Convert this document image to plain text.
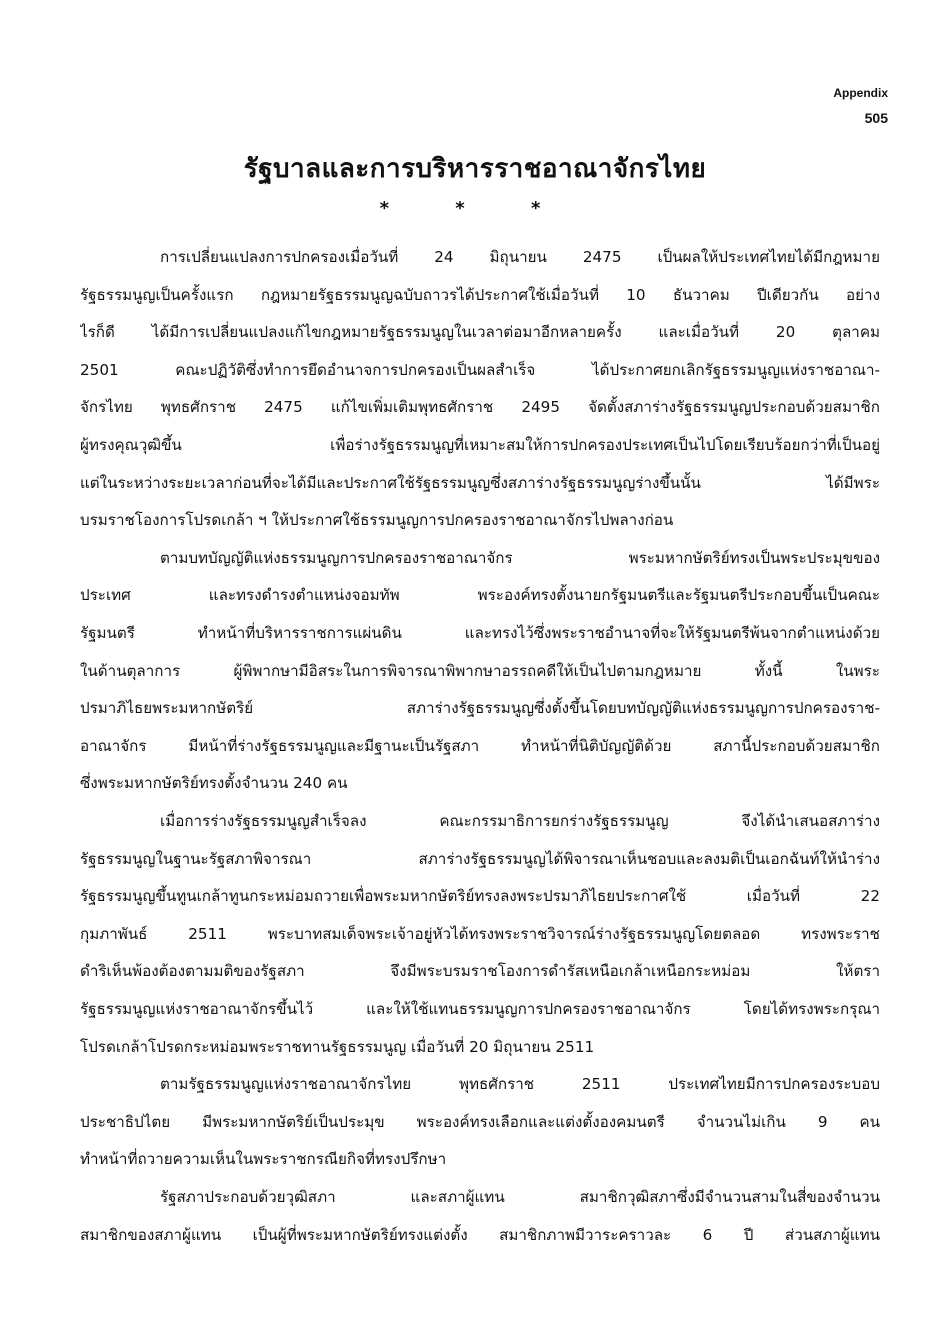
Appendix
505
รัฐบาลและการบริหารราชอาณาจักรไทย
* * *
การเปลี่ยนแปลงการปกครองเมื่อวันที่ 24 มิถุนายน 2475 เป็นผลให้ประเทศไทยได้มีกฎหมาย
รัฐธรรมนูญเป็นครั้งแรก กฎหมายรัฐธรรมนูญฉบับถาวรได้ประกาศใช้เมื่อวันที่ 10 ธันวาคม ปีเดียวกัน อย่าง
ไรก็ดี ได้มีการเปลี่ยนแปลงแก้ไขกฎหมายรัฐธรรมนูญในเวลาต่อมาอีกหลายครั้ง และเมื่อวันที่ 20 ตุลาคม
2501 คณะปฏิวัติซึ่งทำการยึดอำนาจการปกครองเป็นผลสำเร็จ ได้ประกาศยกเลิกรัฐธรรมนูญแห่งราชอาณา-
จักรไทย พุทธศักราช 2475 แก้ไขเพิ่มเติมพุทธศักราช 2495 จัดตั้งสภาร่างรัฐธรรมนูญประกอบด้วยสมาชิก
ผู้ทรงคุณวุฒิขึ้น เพื่อร่างรัฐธรรมนูญที่เหมาะสมให้การปกครองประเทศเป็นไปโดยเรียบร้อยกว่าที่เป็นอยู่
แต่ในระหว่างระยะเวลาก่อนที่จะได้มีและประกาศใช้รัฐธรรมนูญซึ่งสภาร่างรัฐธรรมนูญร่างขึ้นนั้น ได้มีพระ
บรมราชโองการโปรดเกล้า ฯ ให้ประกาศใช้ธรรมนูญการปกครองราชอาณาจักรไปพลางก่อน
ตามบทบัญญัติแห่งธรรมนูญการปกครองราชอาณาจักร พระมหากษัตริย์ทรงเป็นพระประมุขของ
ประเทศ และทรงดำรงตำแหน่งจอมทัพ พระองค์ทรงตั้งนายกรัฐมนตรีและรัฐมนตรีประกอบขึ้นเป็นคณะ
รัฐมนตรี ทำหน้าที่บริหารราชการแผ่นดิน และทรงไว้ซึ่งพระราชอำนาจที่จะให้รัฐมนตรีพ้นจากตำแหน่งด้วย
ในด้านตุลาการ ผู้พิพากษามีอิสระในการพิจารณาพิพากษาอรรถคดีให้เป็นไปตามกฎหมาย ทั้งนี้ ในพระ
ปรมาภิไธยพระมหากษัตริย์ สภาร่างรัฐธรรมนูญซึ่งตั้งขึ้นโดยบทบัญญัติแห่งธรรมนูญการปกครองราช-
อาณาจักร มีหน้าที่ร่างรัฐธรรมนูญและมีฐานะเป็นรัฐสภา ทำหน้าที่นิติบัญญัติด้วย สภานี้ประกอบด้วยสมาชิก
ซึ่งพระมหากษัตริย์ทรงตั้งจำนวน 240 คน
เมื่อการร่างรัฐธรรมนูญสำเร็จลง คณะกรรมาธิการยกร่างรัฐธรรมนูญ จึงได้นำเสนอสภาร่าง
รัฐธรรมนูญในฐานะรัฐสภาพิจารณา สภาร่างรัฐธรรมนูญได้พิจารณาเห็นชอบและลงมติเป็นเอกฉันท์ให้นำร่าง
รัฐธรรมนูญขึ้นทูนเกล้าทูนกระหม่อมถวายเพื่อพระมหากษัตริย์ทรงลงพระปรมาภิไธยประกาศใช้ เมื่อวันที่ 22
กุมภาพันธ์ 2511 พระบาทสมเด็จพระเจ้าอยู่หัวได้ทรงพระราชวิจารณ์ร่างรัฐธรรมนูญโดยตลอด ทรงพระราช
ดำริเห็นพ้องต้องตามมติของรัฐสภา จึงมีพระบรมราชโองการดำรัสเหนือเกล้าเหนือกระหม่อม ให้ตรา
รัฐธรรมนูญแห่งราชอาณาจักรขึ้นไว้ และให้ใช้แทนธรรมนูญการปกครองราชอาณาจักร โดยได้ทรงพระกรุณา
โปรดเกล้าโปรดกระหม่อมพระราชทานรัฐธรรมนูญ เมื่อวันที่ 20 มิถุนายน 2511
ตามรัฐธรรมนูญแห่งราชอาณาจักรไทย พุทธศักราช 2511 ประเทศไทยมีการปกครองระบอบ
ประชาธิปไตย มีพระมหากษัตริย์เป็นประมุข พระองค์ทรงเลือกและแต่งตั้งองคมนตรี จำนวนไม่เกิน 9 คน
ทำหน้าที่ถวายความเห็นในพระราชกรณียกิจที่ทรงปรึกษา
รัฐสภาประกอบด้วยวุฒิสภา และสภาผู้แทน สมาชิกวุฒิสภาซึ่งมีจำนวนสามในสี่ของจำนวน
สมาชิกของสภาผู้แทน เป็นผู้ที่พระมหากษัตริย์ทรงแต่งตั้ง สมาชิกภาพมีวาระคราวละ 6 ปี ส่วนสภาผู้แทน
